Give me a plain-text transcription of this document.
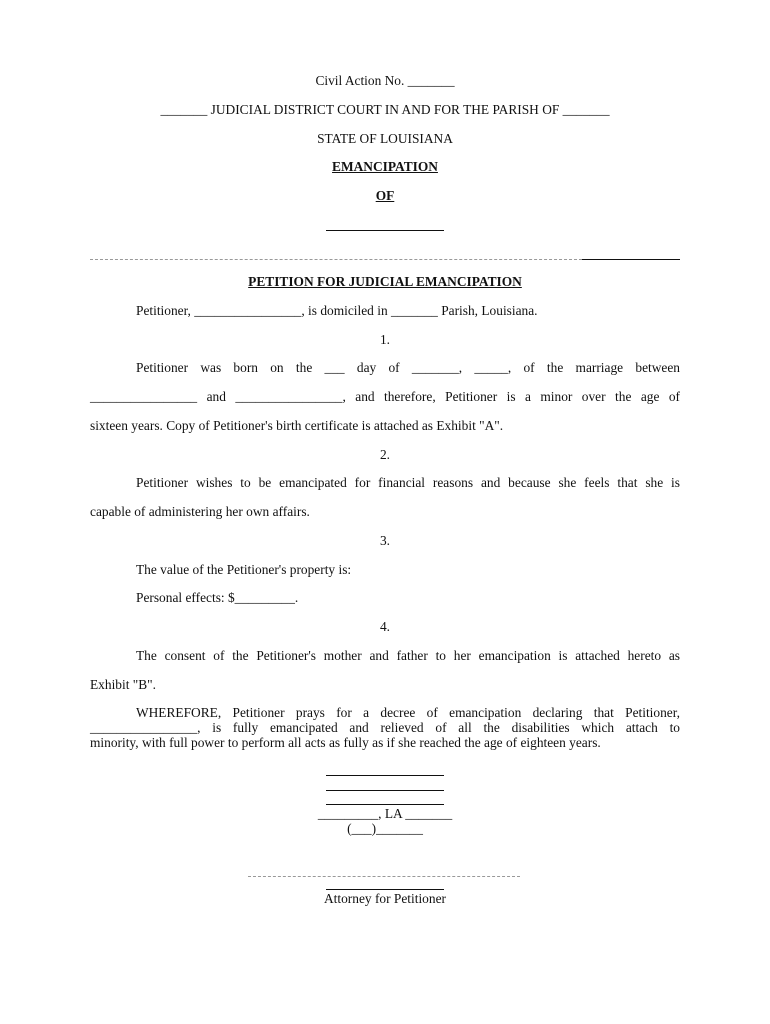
Civil Action No. _______
_______ JUDICIAL DISTRICT COURT IN AND FOR THE PARISH OF _______
STATE OF LOUISIANA
EMANCIPATION
OF
PETITION FOR JUDICIAL EMANCIPATION
Petitioner, ________________, is domiciled in _______ Parish, Louisiana.
1.
Petitioner was born on the ___ day of _______, _____, of the marriage between
________________ and ________________, and therefore, Petitioner is a minor over the age of
sixteen years. Copy of Petitioner's birth certificate is attached as Exhibit "A".
2.
Petitioner wishes to be emancipated for financial reasons and because she feels that she is
capable of administering her own affairs.
3.
The value of the Petitioner's property is:
Personal effects: $_________.
4.
The consent of the Petitioner's mother and father to her emancipation is attached hereto as
Exhibit "B".
WHEREFORE, Petitioner prays for a decree of emancipation declaring that Petitioner,
________________, is fully emancipated and relieved of all the disabilities which attach to
minority, with full power to perform all acts as fully as if she reached the age of eighteen years.
_________, LA _______
(___)_______
Attorney for Petitioner
